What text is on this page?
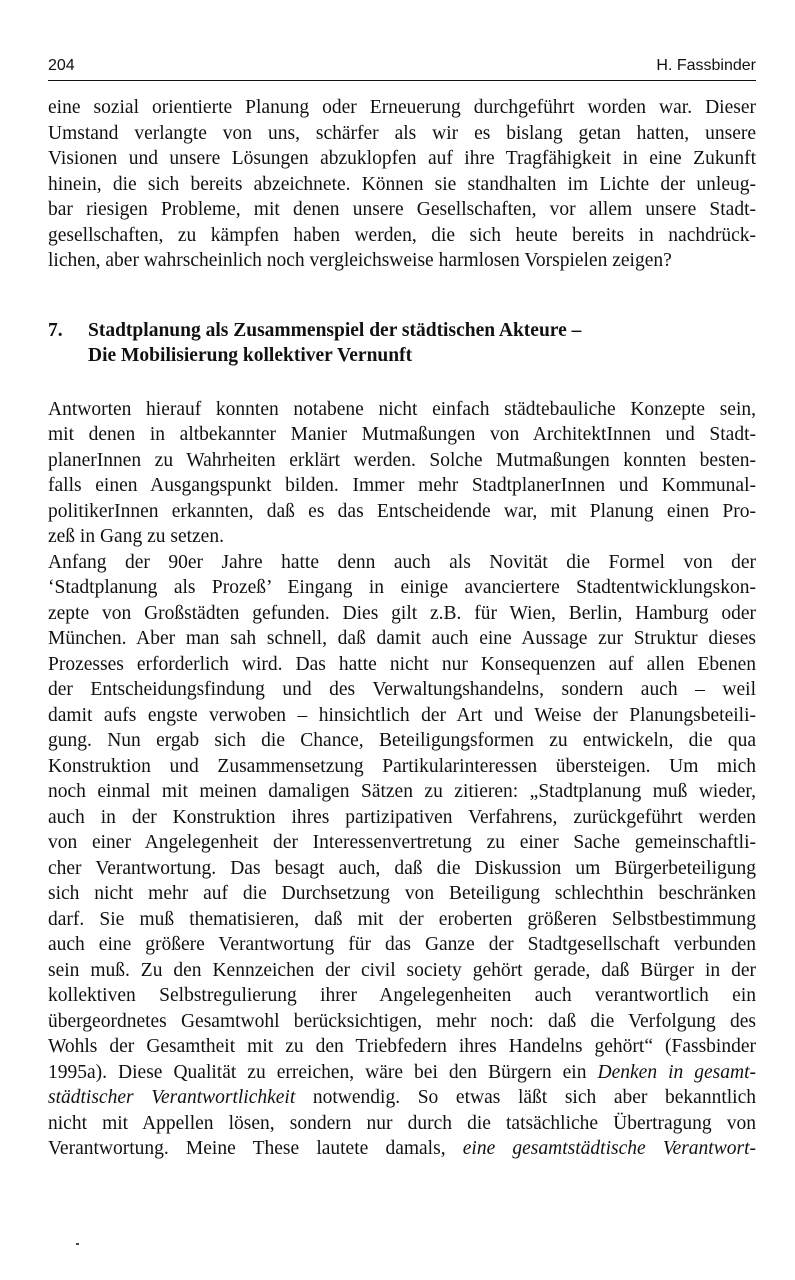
204	H. Fassbinder
eine sozial orientierte Planung oder Erneuerung durchgeführt worden war. Dieser
Umstand verlangte von uns, schärfer als wir es bislang getan hatten, unsere
Visionen und unsere Lösungen abzuklopfen auf ihre Tragfähigkeit in eine Zukunft
hinein, die sich bereits abzeichnete. Können sie standhalten im Lichte der unleug-
bar riesigen Probleme, mit denen unsere Gesellschaften, vor allem unsere Stadt-
gesellschaften, zu kämpfen haben werden, die sich heute bereits in nachdrück-
lichen, aber wahrscheinlich noch vergleichsweise harmlosen Vorspielen zeigen?
7.	Stadtplanung als Zusammenspiel der städtischen Akteure –
Die Mobilisierung kollektiver Vernunft
Antworten hierauf konnten notabene nicht einfach städtebauliche Konzepte sein,
mit denen in altbekannter Manier Mutmaßungen von ArchitektInnen und Stadt-
planerInnen zu Wahrheiten erklärt werden. Solche Mutmaßungen konnten besten-
falls einen Ausgangspunkt bilden. Immer mehr StadtplanerInnen und Kommunal-
politikerInnen erkannten, daß es das Entscheidende war, mit Planung einen Pro-
zeß in Gang zu setzen.
Anfang der 90er Jahre hatte denn auch als Novität die Formel von der
‘Stadtplanung als Prozeß’ Eingang in einige avanciertere Stadtentwicklungskon-
zepte von Großstädten gefunden. Dies gilt z.B. für Wien, Berlin, Hamburg oder
München. Aber man sah schnell, daß damit auch eine Aussage zur Struktur dieses
Prozesses erforderlich wird. Das hatte nicht nur Konsequenzen auf allen Ebenen
der Entscheidungsfindung und des Verwaltungshandelns, sondern auch – weil
damit aufs engste verwoben – hinsichtlich der Art und Weise der Planungsbeteili-
gung. Nun ergab sich die Chance, Beteiligungsformen zu entwickeln, die qua
Konstruktion und Zusammensetzung Partikularinteressen übersteigen. Um mich
noch einmal mit meinen damaligen Sätzen zu zitieren: „Stadtplanung muß wieder,
auch in der Konstruktion ihres partizipativen Verfahrens, zurückgeführt werden
von einer Angelegenheit der Interessenvertretung zu einer Sache gemeinschaftli-
cher Verantwortung. Das besagt auch, daß die Diskussion um Bürgerbeteiligung
sich nicht mehr auf die Durchsetzung von Beteiligung schlechthin beschränken
darf. Sie muß thematisieren, daß mit der eroberten größeren Selbstbestimmung
auch eine größere Verantwortung für das Ganze der Stadtgesellschaft verbunden
sein muß. Zu den Kennzeichen der civil society gehört gerade, daß Bürger in der
kollektiven Selbstregulierung ihrer Angelegenheiten auch verantwortlich ein
übergeordnetes Gesamtwohl berücksichtigen, mehr noch: daß die Verfolgung des
Wohls der Gesamtheit mit zu den Triebfedern ihres Handelns gehört“ (Fassbinder
1995a). Diese Qualität zu erreichen, wäre bei den Bürgern ein Denken in gesamt-
städtischer Verantwortlichkeit notwendig. So etwas läßt sich aber bekanntlich
nicht mit Appellen lösen, sondern nur durch die tatsächliche Übertragung von
Verantwortung. Meine These lautete damals, eine gesamtstädtische Verantwort-
